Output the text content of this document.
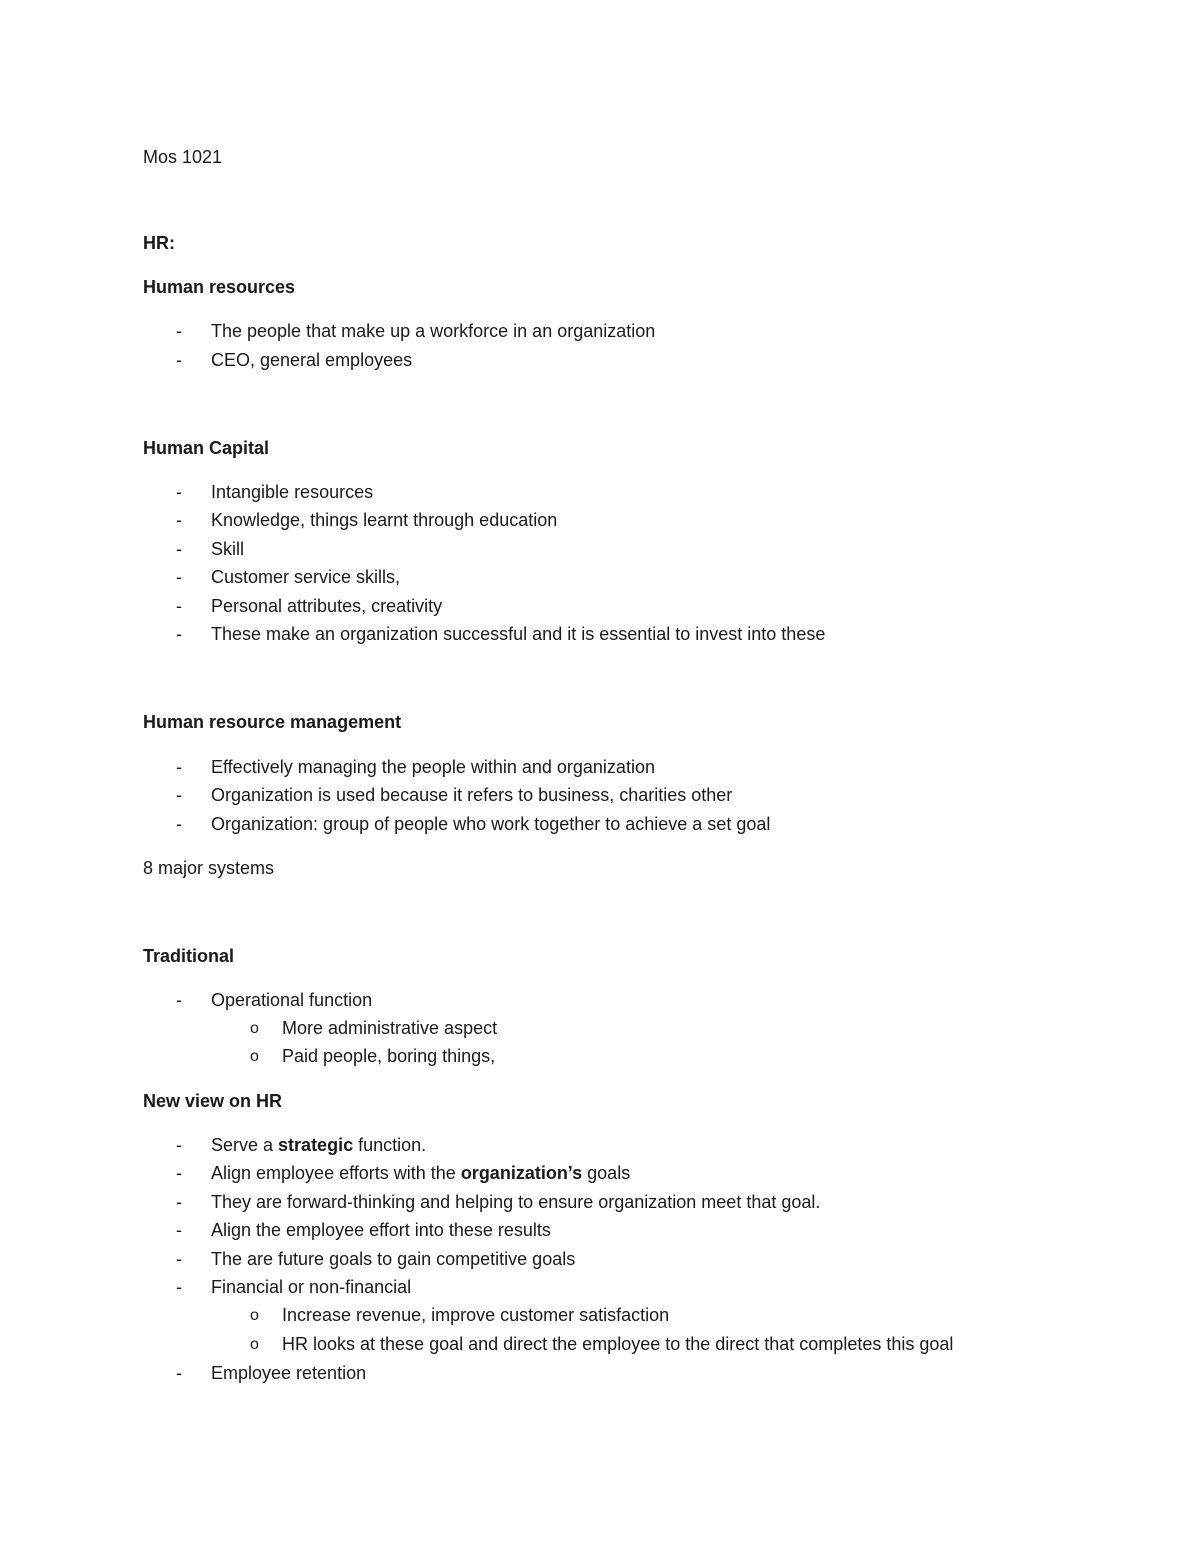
Mos 1021
HR:
Human resources
- The people that make up a workforce in an organization
- CEO, general employees
Human Capital
- Intangible resources
- Knowledge, things learnt through education
- Skill
- Customer service skills,
- Personal attributes, creativity
- These make an organization successful and it is essential to invest into these
Human resource management
- Effectively managing the people within and organization
- Organization is used because it refers to business, charities other
- Organization: group of people who work together to achieve a set goal
8 major systems
Traditional
- Operational function
o More administrative aspect
o Paid people, boring things,
New view on HR
- Serve a strategic function.
- Align employee efforts with the organization’s goals
- They are forward-thinking and helping to ensure organization meet that goal.
- Align the employee effort into these results
- The are future goals to gain competitive goals
- Financial or non-financial
o Increase revenue, improve customer satisfaction
o HR looks at these goal and direct the employee to the direct that completes this goal
- Employee retention
